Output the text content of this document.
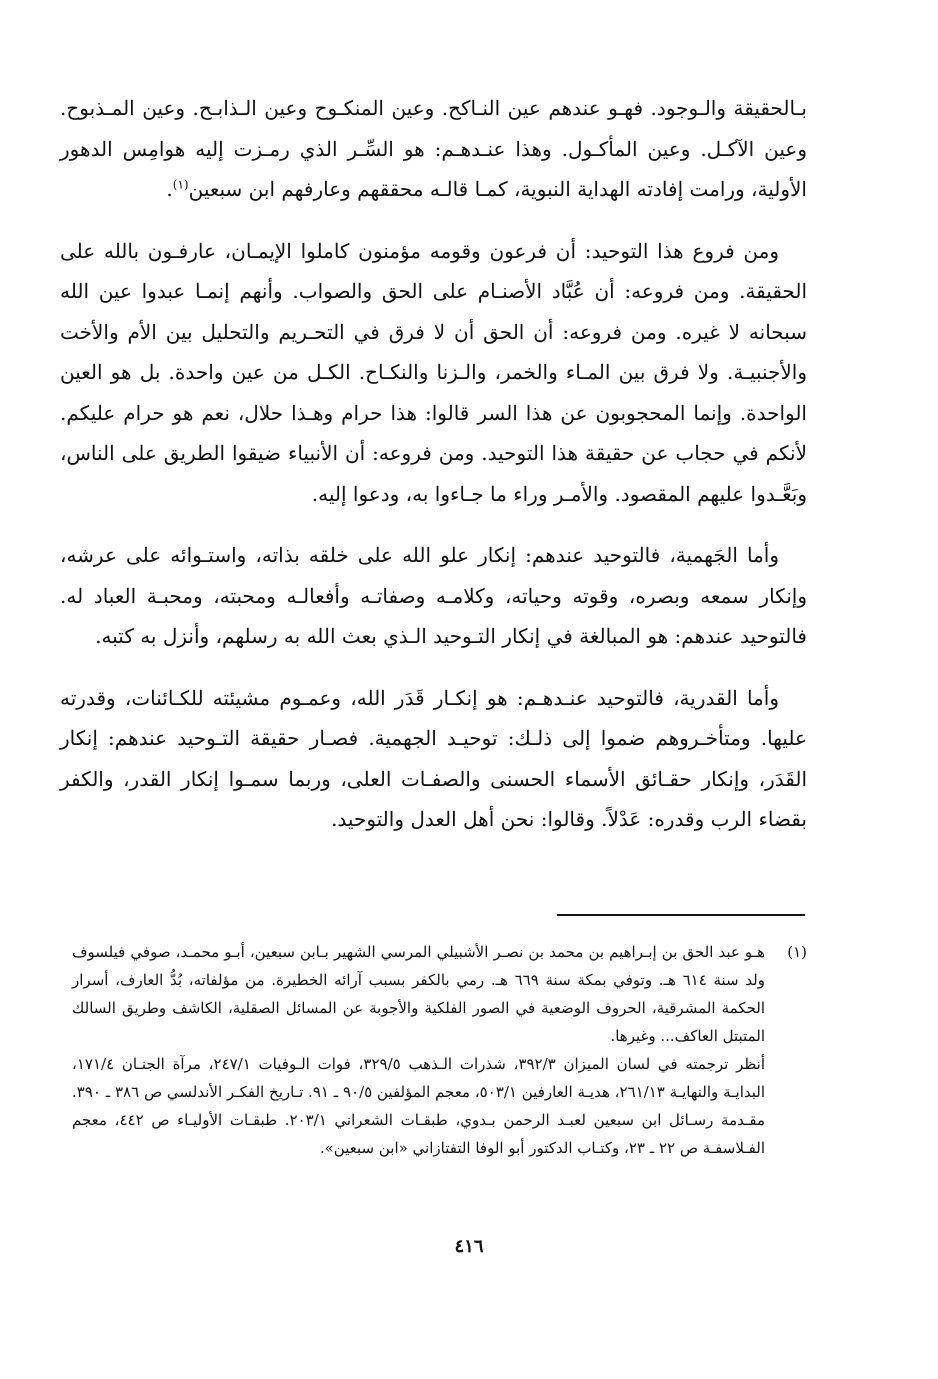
بـالحقيقة والـوجود. فهـو عندهم عين النـاكح. وعين المنكـوح وعين الـذابـح. وعين المـذبوح. وعين الآكـل. وعين المأكـول. وهذا عنـدهـم: هو السِّـر الذي رمـزت إليه هوامِس الدهور الأولية، ورامت إفادته الهداية النبوية، كمـا قالـه محققهم وعارفهم ابن سبعين$^{(١)}$.

ومن فروع هذا التوحيد: أن فرعون وقومه مؤمنون كاملوا الإيمـان، عارفـون بالله على الحقيقة. ومن فروعه: أن عُبَّاد الأصنـام على الحق والصواب. وأنهم إنمـا عبدوا عين الله سبحانه لا غيره. ومن فروعه: أن الحق أن لا فرق في التحـريم والتحليل بين الأم والأخت والأجنبيـة. ولا فرق بين المـاء والخمر، والـزنا والنكـاح. الكـل من عين واحدة. بل هو العين الواحدة. وإنما المحجوبون عن هذا السر قالوا: هذا حرام وهـذا حلال، نعم هو حرام عليكم. لأنكم في حجاب عن حقيقة هذا التوحيد. ومن فروعه: أن الأنبياء ضيقوا الطريق على الناس، وبَعَّـدوا عليهم المقصود. والأمـر وراء ما جـاءوا به، ودعوا إليه.

وأما الجَهمية، فالتوحيد عندهم: إنكار علو الله على خلقه بذاته، واستـوائه على عرشه، وإنكار سمعه وبصره، وقوته وحياته، وكلامـه وصفاتـه وأفعالـه ومحبته، ومحبـة العباد له. فالتوحيد عندهم: هو المبالغة في إنكار التـوحيد الـذي بعث الله به رسلهم، وأنزل به كتبه.

وأما القدرية، فالتوحيد عنـدهـم: هو إنكـار قَدَر الله، وعمـوم مشيئته للكـائنات، وقدرته عليها. ومتأخـروهم ضموا إلى ذلـك: توحيـد الجهمية. فصـار حقيقة التـوحيد عندهم: إنكار القَدَر، وإنكار حقـائق الأسماء الحسنى والصفـات العلى، وربما سمـوا إنكار القدر، والكفر بقضاء الرب وقدره: عَدْلاً. وقالوا: نحن أهل العدل والتوحيد.

(١)

هـو عبد الحق بن إبـراهيم بن محمد بن نصـر الأشبيلي المرسي الشهير بـابن سبعين، أبـو محمـد، صوفي فيلسوف ولد سنة ٦١٤ هـ. وتوفي بمكة سنة ٦٦٩ هـ. رمي بالكفر بسبب آرائه الخطيرة. من مؤلفاته، بُدُّ العارف، أسرار الحكمة المشرقية، الحروف الوضعية في الصور الفلكية والأجوبة عن المسائل الصقلية، الكاشف وطريق السالك المتبتل العاكف... وغيرها.

أنظر ترجمته في لسان الميزان ٣٩٢/٣، شذرات الـذهب ٣٢٩/٥، فوات الـوفيات ٢٤٧/١، مرآة الجنـان ١٧١/٤، البدايـة والنهايـة ٢٦١/١٣، هديـة العارفين ٥٠٣/١، معجم المؤلفين ٩٠/٥ ـ ٩١. تـاريخ الفكـر الأندلسي ص ٣٨٦ ـ ٣٩٠. مقـدمة رسـائل ابن سبعين لعبـد الرحمن بـدوي، طبقـات الشعراني ٢٠٣/١. طبقـات الأوليـاء ص ٤٤٢، معجم الفـلاسفـة ص ٢٢ ـ ٢٣، وكتـاب الدكتور أبو الوفا التفتازاني «ابن سبعين».

٤١٦
